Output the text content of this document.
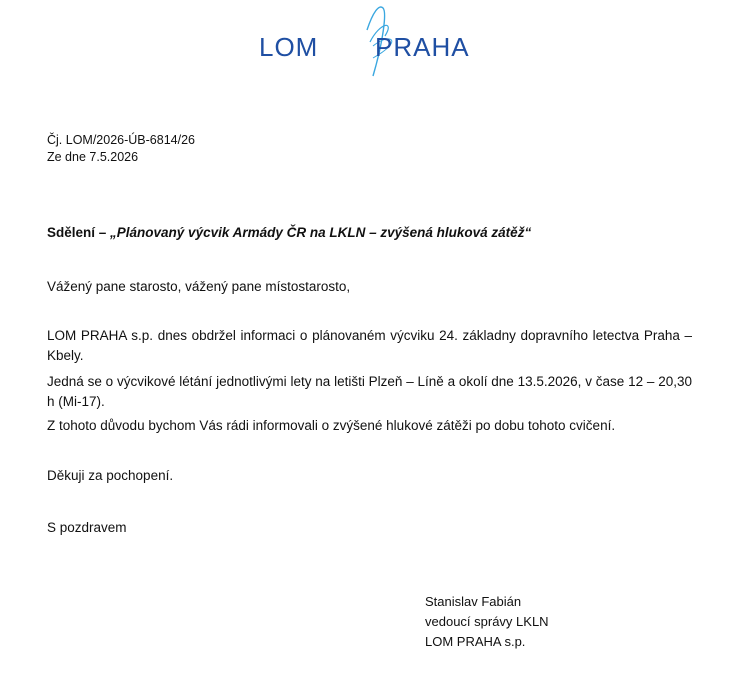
LOM PRAHA
Čj. LOM/2026-ÚB-6814/26
Ze dne 7.5.2026
Sdělení – „Plánovaný výcvik Armády ČR na LKLN – zvýšená hluková zátěž“
Vážený pane starosto, vážený pane místostarosto,

LOM PRAHA s.p. dnes obdržel informaci o plánovaném výcviku 24. základny dopravního letectva Praha – Kbely.

Jedná se o výcvikové létání jednotlivými lety na letišti Plzeň – Líně a okolí dne 13.5.2026, v čase 12 – 20,30 h (Mi-17).

Z tohoto důvodu bychom Vás rádi informovali o zvýšené hlukové zátěži po dobu tohoto cvičení.

Děkuji za pochopení.
S pozdravem
Stanislav Fabián
vedoucí správy LKLN
LOM PRAHA s.p.
